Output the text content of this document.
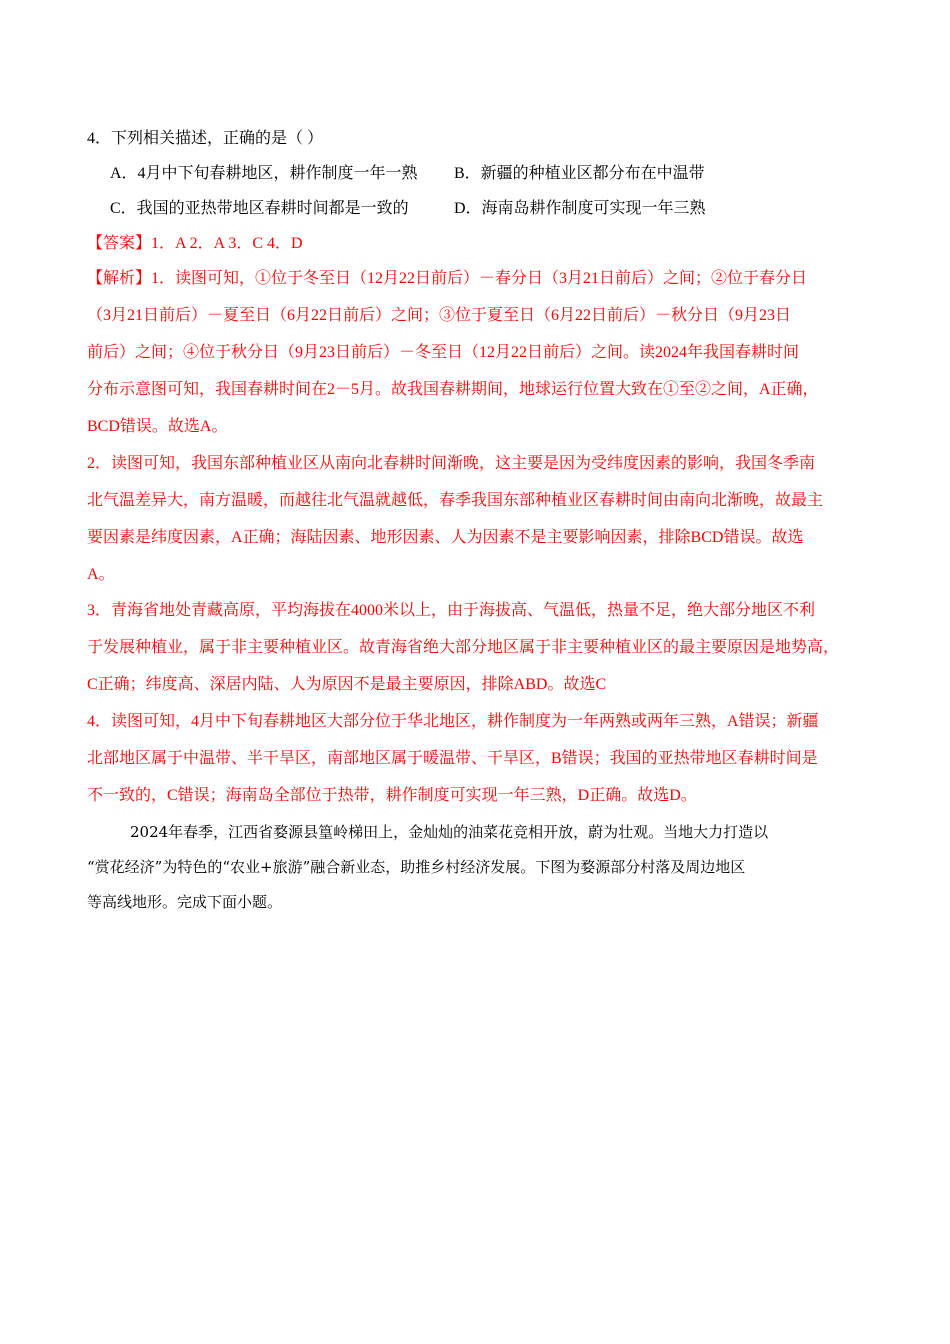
4．下列相关描述，正确的是（ ）
A．4月中下旬春耕地区，耕作制度一年一熟 B．新疆的种植业区都分布在中温带
C．我国的亚热带地区春耕时间都是一致的	D．海南岛耕作制度可实现一年三熟
【答案】1．A 2．A 3．C 4．D
【解析】1．读图可知，①位于冬至日（12月22日前后）－春分日（3月21日前后）之间；②位于春分日
（3月21日前后）－夏至日（6月22日前后）之间；③位于夏至日（6月22日前后）－秋分日（9月23日
前后）之间；④位于秋分日（9月23日前后）－冬至日（12月22日前后）之间。读2024年我国春耕时间
分布示意图可知，我国春耕时间在2－5月。故我国春耕期间，地球运行位置大致在①至②之间，A正确，
BCD错误。故选A。
2．读图可知，我国东部种植业区从南向北春耕时间渐晚，这主要是因为受纬度因素的影响，我国冬季南
北气温差异大，南方温暖，而越往北气温就越低，春季我国东部种植业区春耕时间由南向北渐晚，故最主
要因素是纬度因素，A正确；海陆因素、地形因素、人为因素不是主要影响因素，排除BCD错误。故选
A。
3．青海省地处青藏高原，平均海拔在4000米以上，由于海拔高、气温低，热量不足，绝大部分地区不利
于发展种植业，属于非主要种植业区。故青海省绝大部分地区属于非主要种植业区的最主要原因是地势高，
C正确；纬度高、深居内陆、人为原因不是最主要原因，排除ABD。故选C
4．读图可知，4月中下旬春耕地区大部分位于华北地区，耕作制度为一年两熟或两年三熟，A错误；新疆
北部地区属于中温带、半干旱区，南部地区属于暖温带、干旱区，B错误；我国的亚热带地区春耕时间是
不一致的，C错误；海南岛全部位于热带，耕作制度可实现一年三熟，D正确。故选D。
2024年春季，江西省婺源县篁岭梯田上，金灿灿的油菜花竞相开放，蔚为壮观。当地大力打造以
“赏花经济”为特色的“农业+旅游”融合新业态，助推乡村经济发展。下图为婺源部分村落及周边地区
等高线地形。完成下面小题。
